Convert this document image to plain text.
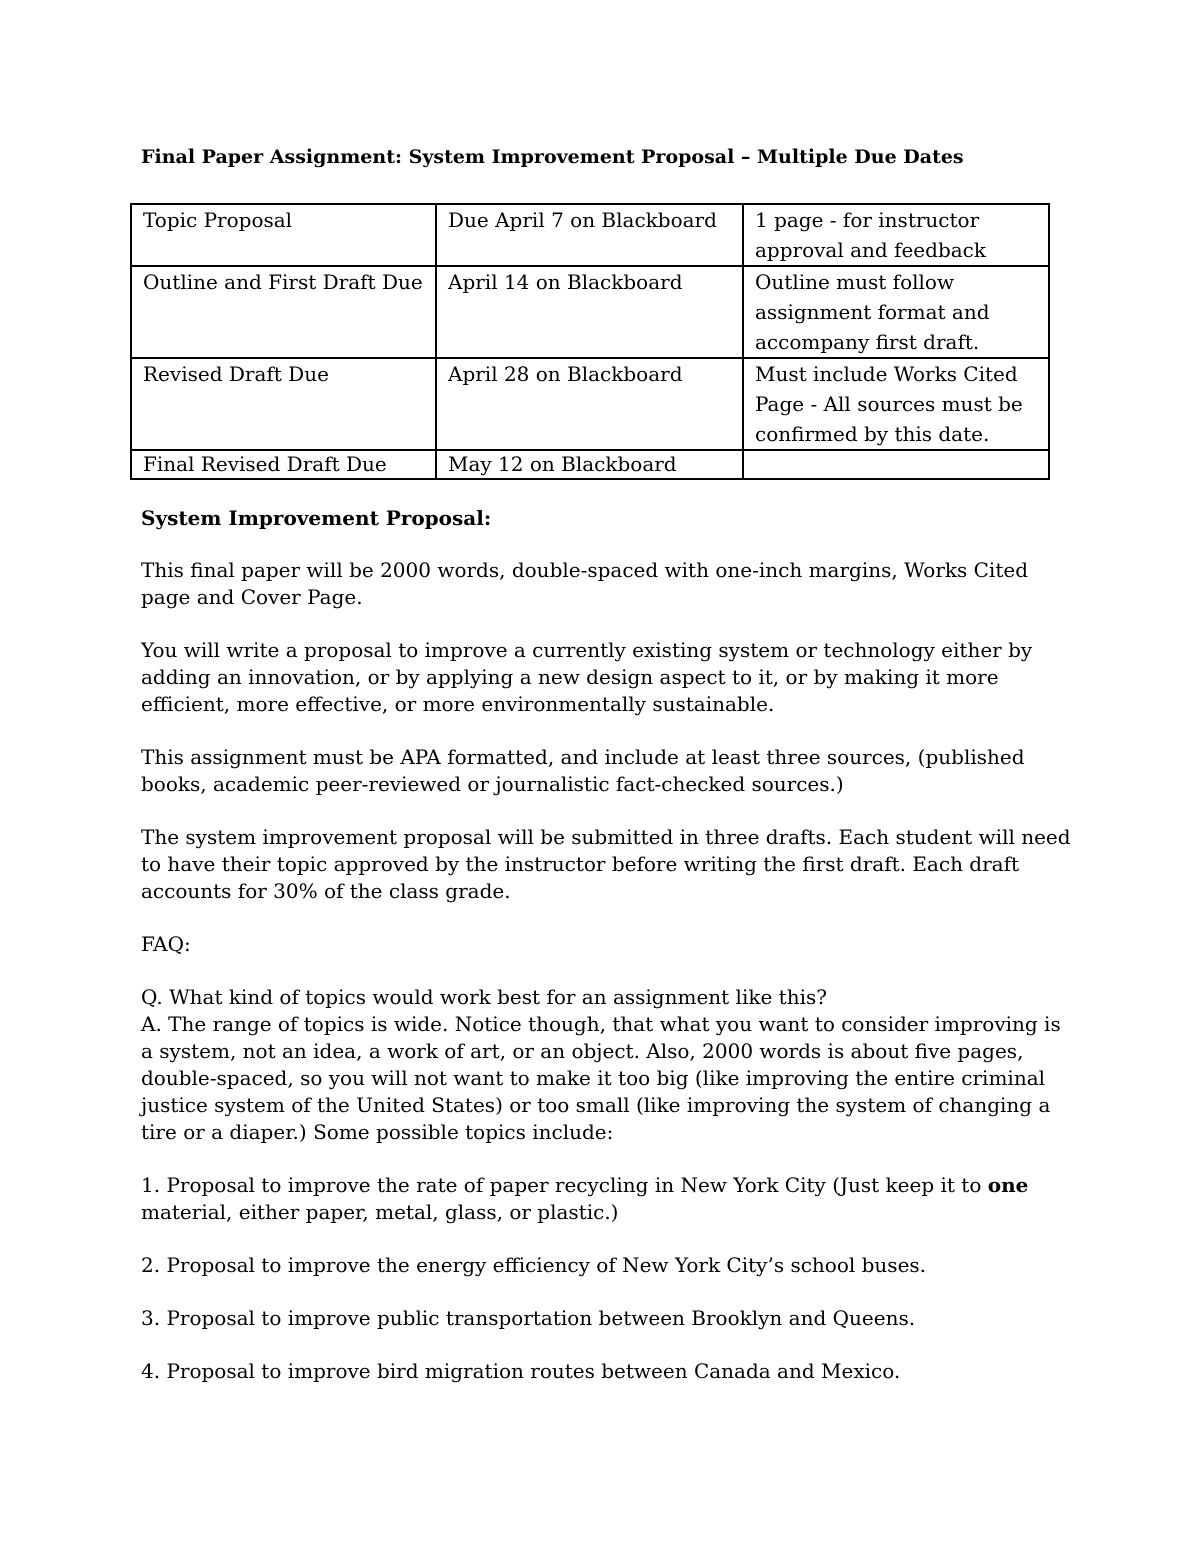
Final Paper Assignment: System Improvement Proposal – Multiple Due Dates
Topic Proposal	Due April 7 on Blackboard	1 page - for instructor approval and feedback
Outline and First Draft Due	April 14 on Blackboard	Outline must follow assignment format and accompany first draft.
Revised Draft Due	April 28 on Blackboard	Must include Works Cited Page - All sources must be confirmed by this date.
Final Revised Draft Due	May 12 on Blackboard	

System Improvement Proposal:

This final paper will be 2000 words, double-spaced with one-inch margins, Works Cited page and Cover Page.

You will write a proposal to improve a currently existing system or technology either by adding an innovation, or by applying a new design aspect to it, or by making it more efficient, more effective, or more environmentally sustainable.

This assignment must be APA formatted, and include at least three sources, (published books, academic peer-reviewed or journalistic fact-checked sources.)

The system improvement proposal will be submitted in three drafts. Each student will need to have their topic approved by the instructor before writing the first draft. Each draft accounts for 30% of the class grade.

FAQ:

Q. What kind of topics would work best for an assignment like this?

A. The range of topics is wide. Notice though, that what you want to consider improving is a system, not an idea, a work of art, or an object. Also, 2000 words is about five pages, double-spaced, so you will not want to make it too big (like improving the entire criminal justice system of the United States) or too small (like improving the system of changing a tire or a diaper.) Some possible topics include:

1. Proposal to improve the rate of paper recycling in New York City (Just keep it to one material, either paper, metal, glass, or plastic.)

2. Proposal to improve the energy efficiency of New York City’s school buses.

3. Proposal to improve public transportation between Brooklyn and Queens.

4. Proposal to improve bird migration routes between Canada and Mexico.
